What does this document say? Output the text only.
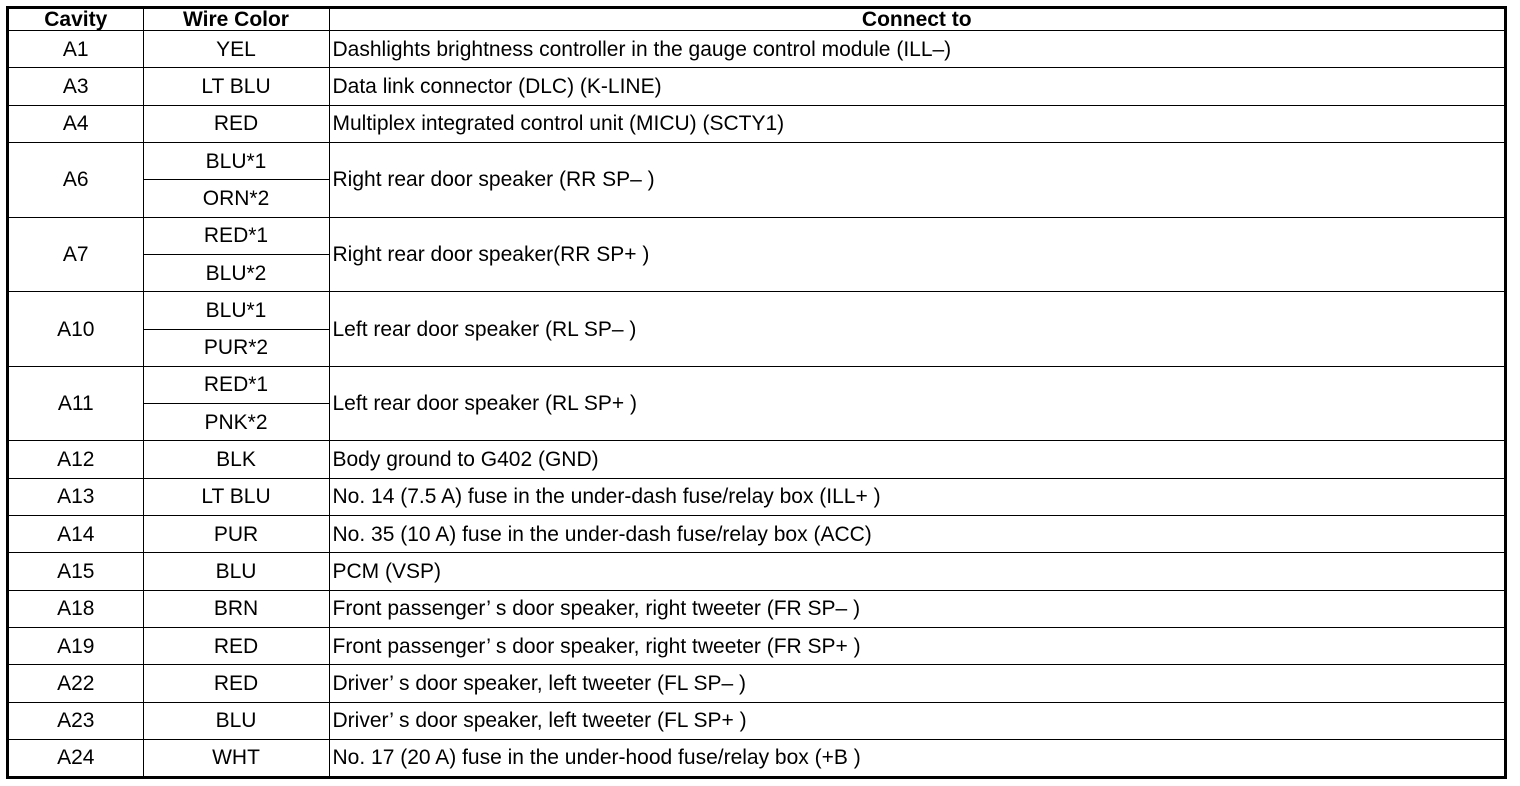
Cavity	Wire Color	Connect to
A1	YEL	Dashlights brightness controller in the gauge control module (ILL–)
A3	LT BLU	Data link connector (DLC) (K-LINE)
A4	RED	Multiplex integrated control unit (MICU) (SCTY1)
A6	BLU*1	Right rear door speaker (RR SP– )
	ORN*2	
A7	RED*1	Right rear door speaker(RR SP+ )
	BLU*2	
A10	BLU*1	Left rear door speaker (RL SP– )
	PUR*2	
A11	RED*1	Left rear door speaker (RL SP+ )
	PNK*2	
A12	BLK	Body ground to G402 (GND)
A13	LT BLU	No. 14 (7.5 A) fuse in the under-dash fuse/relay box (ILL+ )
A14	PUR	No. 35 (10 A) fuse in the under-dash fuse/relay box (ACC)
A15	BLU	PCM (VSP)
A18	BRN	Front passenger’ s door speaker, right tweeter (FR SP– )
A19	RED	Front passenger’ s door speaker, right tweeter (FR SP+ )
A22	RED	Driver’ s door speaker, left tweeter (FL SP– )
A23	BLU	Driver’ s door speaker, left tweeter (FL SP+ )
A24	WHT	No. 17 (20 A) fuse in the under-hood fuse/relay box (+B )
